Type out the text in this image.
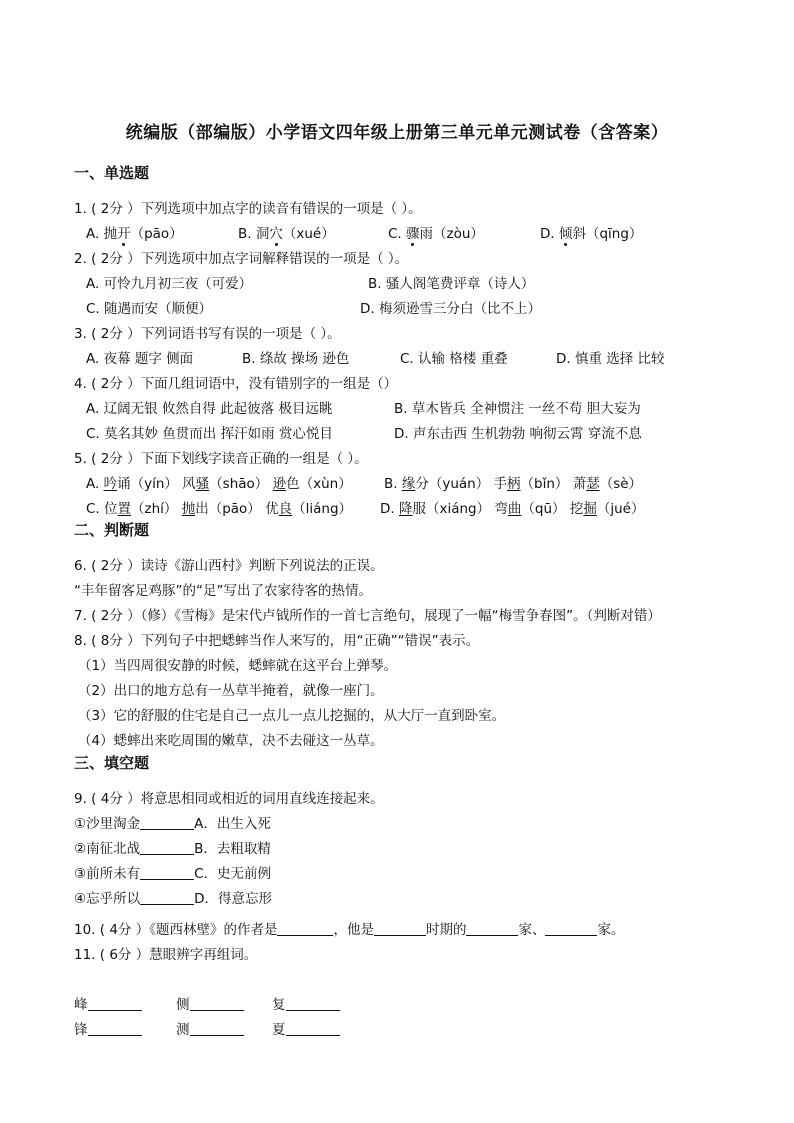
统编版（部编版）小学语文四年级上册第三单元单元测试卷（含答案）
一、单选题
1. ( 2分 ）下列选项中加点字的读音有错误的一项是（ ）。
A. 抛开（pāo）	B. 洞穴（xué）	C. 骤雨（zòu）	D. 倾斜（qīng）
2. ( 2分 ）下列选项中加点字词解释错误的一项是（ ）。
A. 可怜九月初三夜（可爱）	B. 骚人阁笔费评章（诗人）
C. 随遇而安（顺便）	D. 梅须逊雪三分白（比不上）
3. ( 2分 ）下列词语书写有误的一项是（ ）。
A. 夜幕 题字 侧面	B. 绦故 操场 逊色	C. 认输 格楼 重叠	D. 慎重 选择 比较
4. ( 2分 ）下面几组词语中，没有错别字的一组是（）
A. 辽阔无银 攸然自得 此起彼落 极目远眺	B. 草木皆兵 全神惯注 一丝不苟 胆大妄为
C. 莫名其妙 鱼贯而出 挥汗如雨 赏心悦目	D. 声东击西 生机勃勃 响彻云霄 穿流不息
5. ( 2分 ）下面下划线字读音正确的一组是（ ）。
A. 吟诵（yín） 风骚（shāo） 逊色（xùn） B. 缘分（yuán） 手柄（bǐn） 萧瑟（sè）
C. 位置（zhí） 抛出（pāo） 优良（liáng） D. 降服（xiáng） 弯曲（qū） 挖掘（jué）
二、判断题
6. ( 2分 ）读诗《游山西村》判断下列说法的正误。
“丰年留客足鸡豚”的“足”写出了农家待客的热情。
7. ( 2分 ）（修）《雪梅》是宋代卢钺所作的一首七言绝句，展现了一幅“梅雪争春图”。（判断对错）
8. ( 8分 ）下列句子中把蟋蟀当作人来写的，用“正确”“错误”表示。
（1）当四周很安静的时候，蟋蟀就在这平台上弹琴。
（2）出口的地方总有一丛草半掩着，就像一座门。
（3）它的舒服的住宅是自己一点儿一点儿挖掘的，从大厅一直到卧室。
（4）蟋蟀出来吃周围的嫩草，决不去碰这一丛草。
三、填空题
9. ( 4分 ）将意思相同或相近的词用直线连接起来。
①沙里淘金	A．出生入死
②南征北战	B．去粗取精
③前所未有	C．史无前例
④忘乎所以	D．得意忘形
10. ( 4分 ）《题西林壁》的作者是	，他是	时期的	家、	家。
11. ( 6分 ）慧眼辨字再组词。
峰	侧	复
锋	测	夏
